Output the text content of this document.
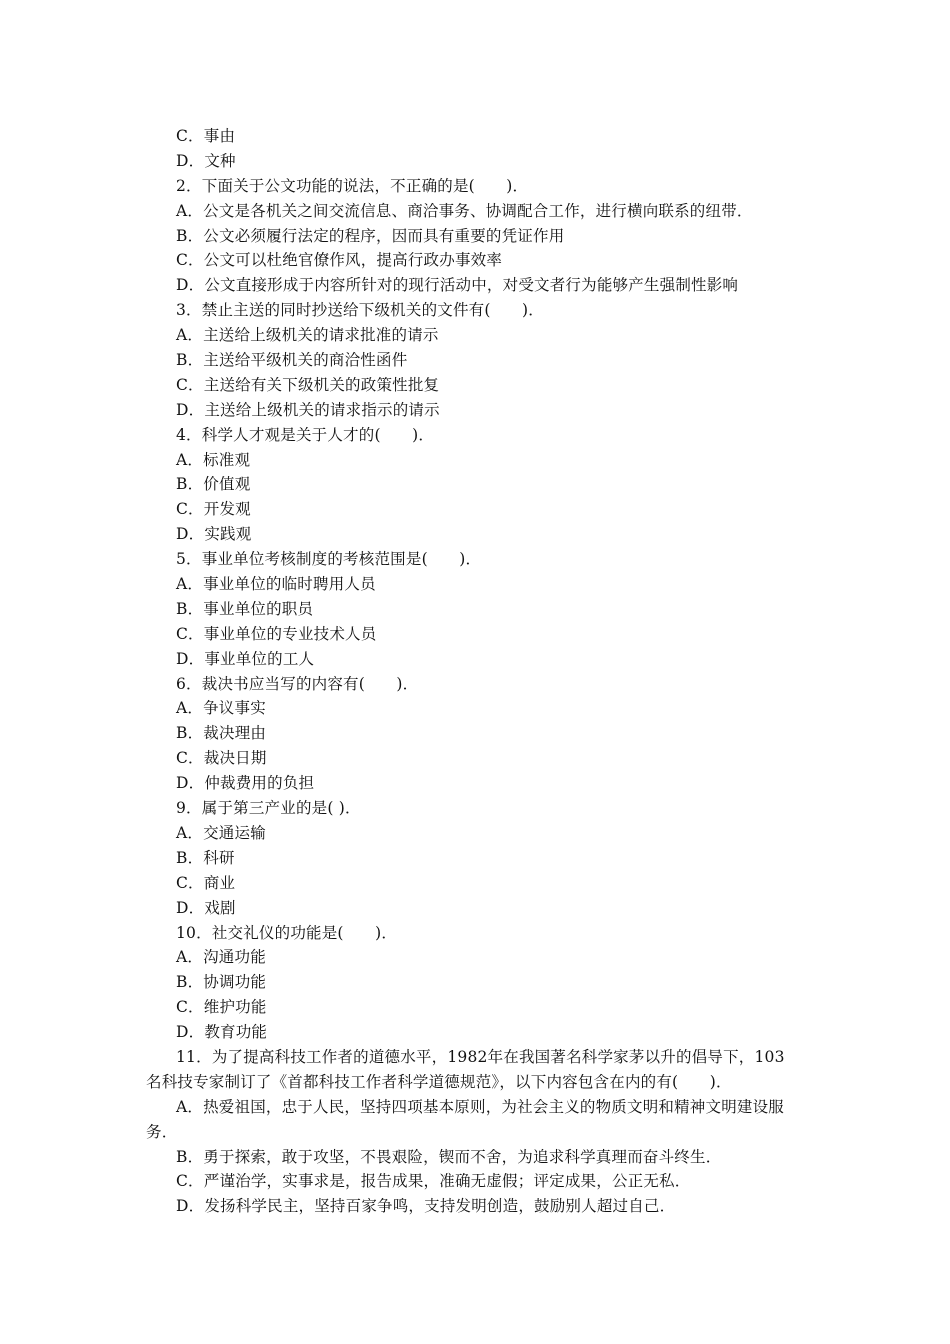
C．事由
D．文种
2．下面关于公文功能的说法，不正确的是(　　)．
A．公文是各机关之间交流信息、商洽事务、协调配合工作，进行横向联系的纽带．
B．公文必须履行法定的程序，因而具有重要的凭证作用
C．公文可以杜绝官僚作风，提高行政办事效率
D．公文直接形成于内容所针对的现行活动中，对受文者行为能够产生强制性影响
3．禁止主送的同时抄送给下级机关的文件有(　　)．
A．主送给上级机关的请求批准的请示
B．主送给平级机关的商洽性函件
C．主送给有关下级机关的政策性批复
D．主送给上级机关的请求指示的请示
4．科学人才观是关于人才的(　　)．
A．标准观
B．价值观
C．开发观
D．实践观
5．事业单位考核制度的考核范围是(　　)．
A．事业单位的临时聘用人员
B．事业单位的职员
C．事业单位的专业技术人员
D．事业单位的工人
6．裁决书应当写的内容有(　　)．
A．争议事实
B．裁决理由
C．裁决日期
D．仲裁费用的负担
9．属于第三产业的是( )．
A．交通运输
B．科研
C．商业
D．戏剧
10．社交礼仪的功能是(　　)．
A．沟通功能
B．协调功能
C．维护功能
D．教育功能
11．为了提高科技工作者的道德水平，1982年在我国著名科学家茅以升的倡导下，103
名科技专家制订了《首都科技工作者科学道德规范》，以下内容包含在内的有(　　)．
A．热爱祖国，忠于人民，坚持四项基本原则，为社会主义的物质文明和精神文明建设服
务．
B．勇于探索，敢于攻坚，不畏艰险，锲而不舍，为追求科学真理而奋斗终生．
C．严谨治学，实事求是，报告成果，准确无虚假；评定成果，公正无私．
D．发扬科学民主，坚持百家争鸣，支持发明创造，鼓励别人超过自己．
